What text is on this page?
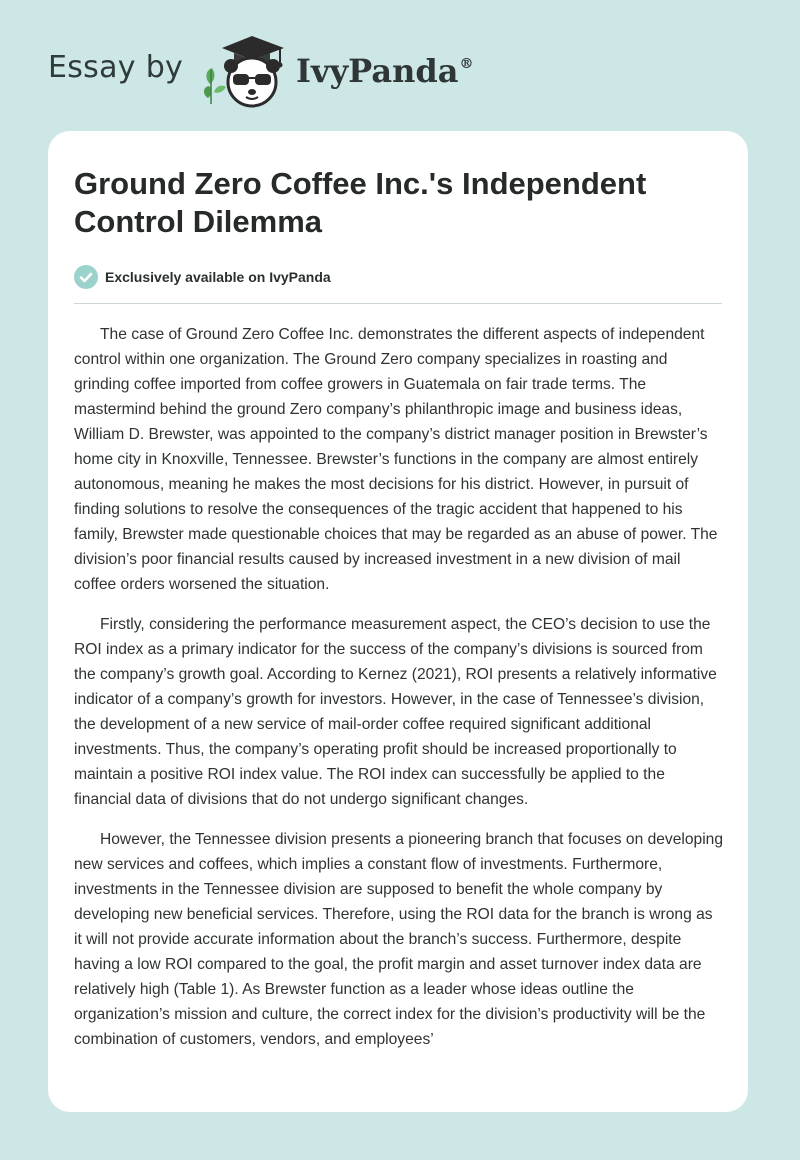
Essay by	IvyPanda®
Ground Zero Coffee Inc.'s Independent Control Dilemma
Exclusively available on IvyPanda

The case of Ground Zero Coffee Inc. demonstrates the different aspects of independent control within one organization. The Ground Zero company specializes in roasting and grinding coffee imported from coffee growers in Guatemala on fair trade terms. The mastermind behind the ground Zero company’s philanthropic image and business ideas, William D. Brewster, was appointed to the company’s district manager position in Brewster’s home city in Knoxville, Tennessee. Brewster’s functions in the company are almost entirely autonomous, meaning he makes the most decisions for his district. However, in pursuit of finding solutions to resolve the consequences of the tragic accident that happened to his family, Brewster made questionable choices that may be regarded as an abuse of power. The division’s poor financial results caused by increased investment in a new division of mail coffee orders worsened the situation.

Firstly, considering the performance measurement aspect, the CEO’s decision to use the ROI index as a primary indicator for the success of the company’s divisions is sourced from the company’s growth goal. According to Kernez (2021), ROI presents a relatively informative indicator of a company’s growth for investors. However, in the case of Tennessee’s division, the development of a new service of mail-order coffee required significant additional investments. Thus, the company’s operating profit should be increased proportionally to maintain a positive ROI index value. The ROI index can successfully be applied to the financial data of divisions that do not undergo significant changes.

However, the Tennessee division presents a pioneering branch that focuses on developing new services and coffees, which implies a constant flow of investments. Furthermore, investments in the Tennessee division are supposed to benefit the whole company by developing new beneficial services. Therefore, using the ROI data for the branch is wrong as it will not provide accurate information about the branch’s success. Furthermore, despite having a low ROI compared to the goal, the profit margin and asset turnover index data are relatively high (Table 1). As Brewster function as a leader whose ideas outline the organization’s mission and culture, the correct index for the division’s productivity will be the combination of customers, vendors, and employees’
